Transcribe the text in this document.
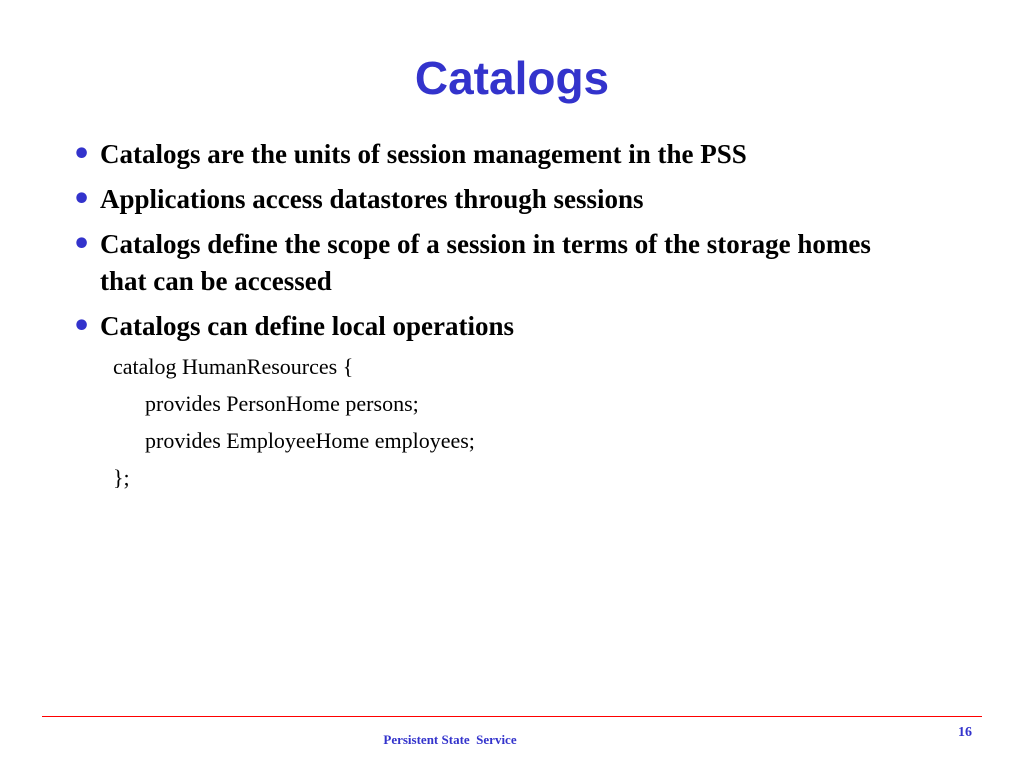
Catalogs
• Catalogs are the units of session management in the PSS
• Applications access datastores through sessions
• Catalogs define the scope of a session in terms of the storage homes that can be accessed
• Catalogs can define local operations
catalog HumanResources {
provides PersonHome persons;
provides EmployeeHome employees;
};
Persistent State  Service	16
